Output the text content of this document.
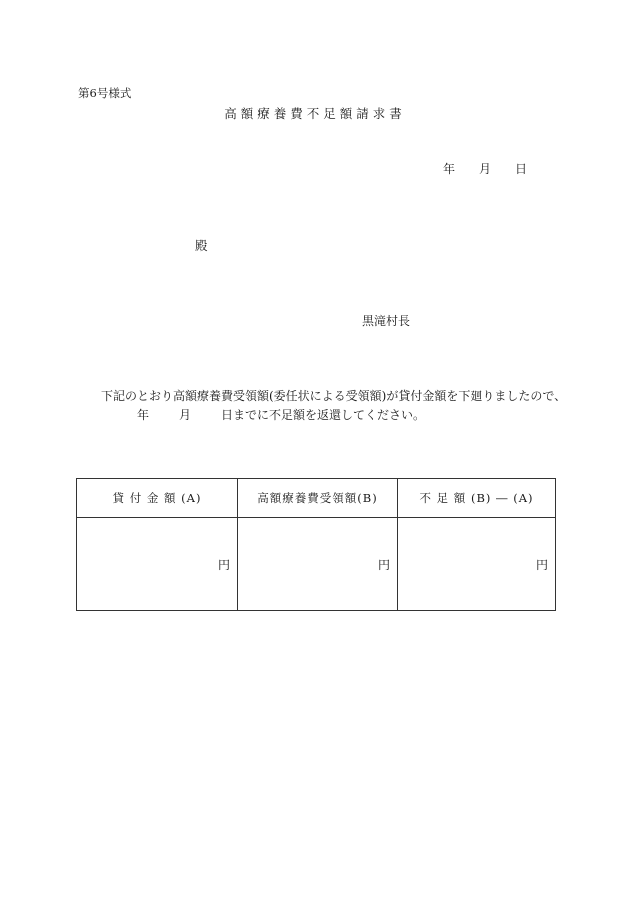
第6号様式
高額療養費不足額請求書
年 月 日
殿
黒滝村長
下記のとおり高額療養費受領額(委任状による受領額)が貸付金額を下廻りましたので、
年	月	日までに不足額を返還してください。
貸 付 金 額 (A)	高額療養費受領額(B)	不 足 額 (B) ― (A)
円	円	円
